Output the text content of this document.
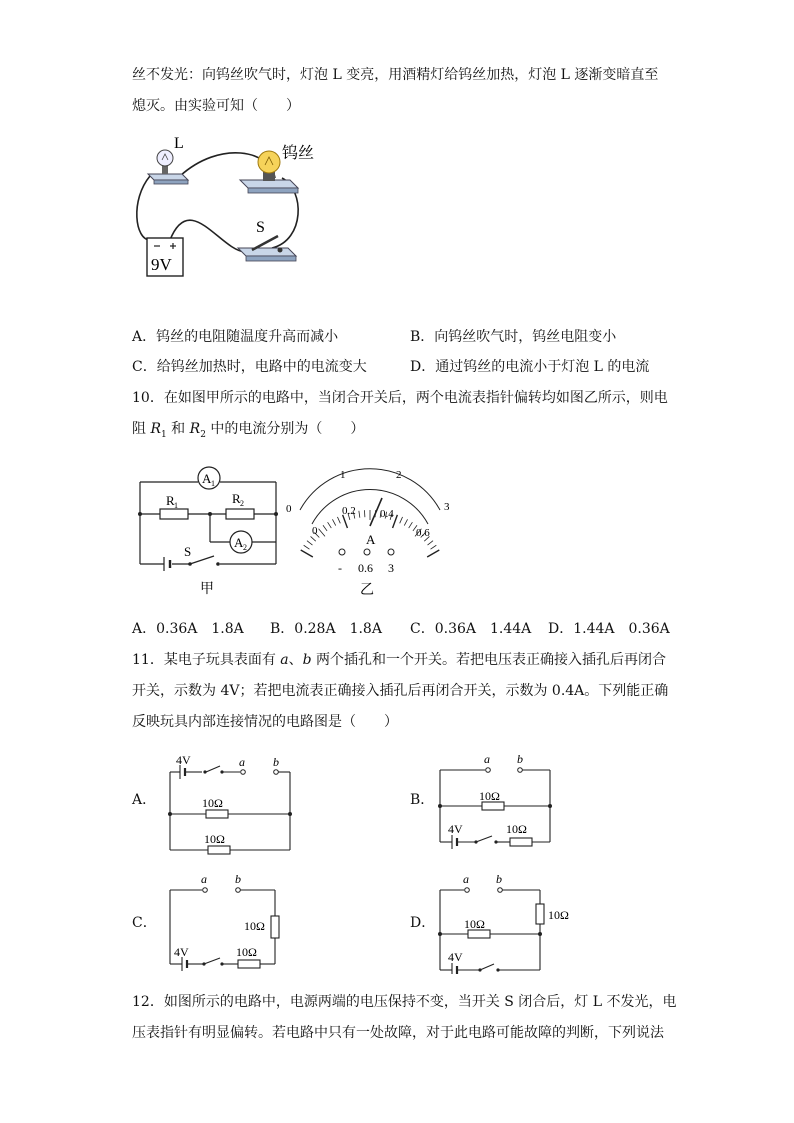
丝不发光：向钨丝吹气时，灯泡 L 变亮，用酒精灯给钨丝加热，灯泡 L 逐渐变暗直至
熄灭。由实验可知（　　）
L
钨丝
S
9V
A．钨丝的电阻随温度升高而减小	B．向钨丝吹气时，钨丝电阻变小
C．给钨丝加热时，电路中的电流变大	D．通过钨丝的电流小于灯泡 L 的电流
10．在如图甲所示的电路中，当闭合开关后，两个电流表指针偏转均如图乙所示，则电
阻 $R_1$ 和 $R_2$ 中的电流分别为（　　）
A 1
A 2
R 1	R 2
S
甲
0
1	2
3
0
0.2 0.4
0.6
A
- 0.6 3
乙
A．0.36A　1.8A B．0.28A　1.8A C．0.36A　1.44A D．1.44A　0.36A
11．某电子玩具表面有 a、b 两个插孔和一个开关。若把电压表正确接入插孔后再闭合
开关，示数为 4V；若把电流表正确接入插孔后再闭合开关，示数为 0.4A。下列能正确
反映玩具内部连接情况的电路图是（　　）
A．
4V	a b
10Ω
10Ω
B．
a b
10Ω
4V	10Ω
C．
a b
10Ω
4V	10Ω
D．
a b
10Ω
10Ω
4V
12．如图所示的电路中，电源两端的电压保持不变，当开关 S 闭合后，灯 L 不发光，电
压表指针有明显偏转。若电路中只有一处故障，对于此电路可能故障的判断，下列说法
